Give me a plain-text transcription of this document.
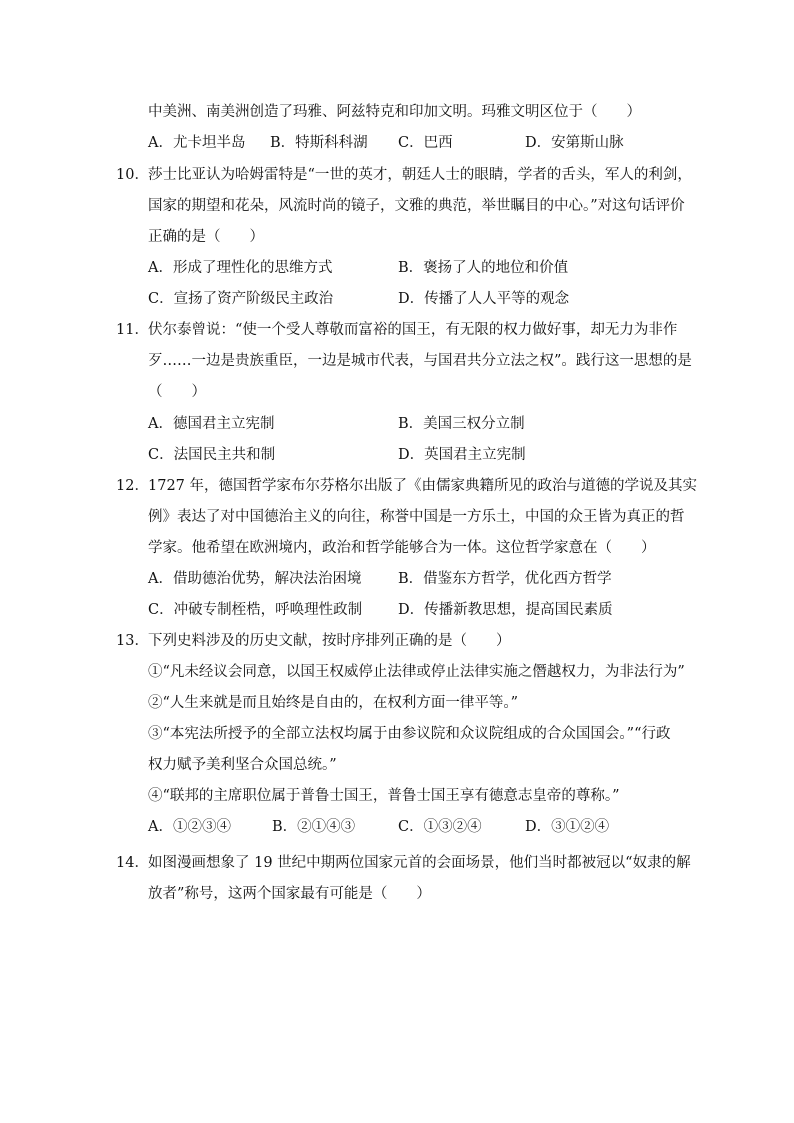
中美洲、南美洲创造了玛雅、阿兹特克和印加文明。玛雅文明区位于（　　）
A．尤卡坦半岛 B．特斯科科湖 C．巴西	D．安第斯山脉
10． 莎士比亚认为哈姆雷特是“一世的英才，朝廷人士的眼睛，学者的舌头，军人的利剑，
国家的期望和花朵，风流时尚的镜子，文雅的典范，举世瞩目的中心。”对这句话评价
正确的是（　　）
A．形成了理性化的思维方式	B．褒扬了人的地位和价值
C．宣扬了资产阶级民主政治	D．传播了人人平等的观念
11． 伏尔泰曾说：“使一个受人尊敬而富裕的国王，有无限的权力做好事，却无力为非作
歹……一边是贵族重臣，一边是城市代表，与国君共分立法之权”。践行这一思想的是
（　　）
A．德国君主立宪制	B．美国三权分立制
C．法国民主共和制	D．英国君主立宪制
12． 1727 年，德国哲学家布尔芬格尔出版了《由儒家典籍所见的政治与道德的学说及其实
例》表达了对中国德治主义的向往，称誉中国是一方乐土，中国的众王皆为真正的哲
学家。他希望在欧洲境内，政治和哲学能够合为一体。这位哲学家意在（　　）
A．借助德治优势，解决法治困境	B．借鉴东方哲学，优化西方哲学
C．冲破专制桎梏，呼唤理性政制 D．传播新教思想，提高国民素质
13． 下列史料涉及的历史文献，按时序排列正确的是（　　）
①“凡未经议会同意，以国王权威停止法律或停止法律实施之僭越权力，为非法行为”
②“人生来就是而且始终是自由的，在权利方面一律平等。”
③“本宪法所授予的全部立法权均属于由参议院和众议院组成的合众国国会。”“行政
权力赋予美利坚合众国总统。”
④“联邦的主席职位属于普鲁士国王，普鲁士国王享有德意志皇帝的尊称。”
A．①②③④	B．②①④③	C．①③②④	D．③①②④
14． 如图漫画想象了 19 世纪中期两位国家元首的会面场景，他们当时都被冠以“奴隶的解
放者”称号，这两个国家最有可能是（　　）
